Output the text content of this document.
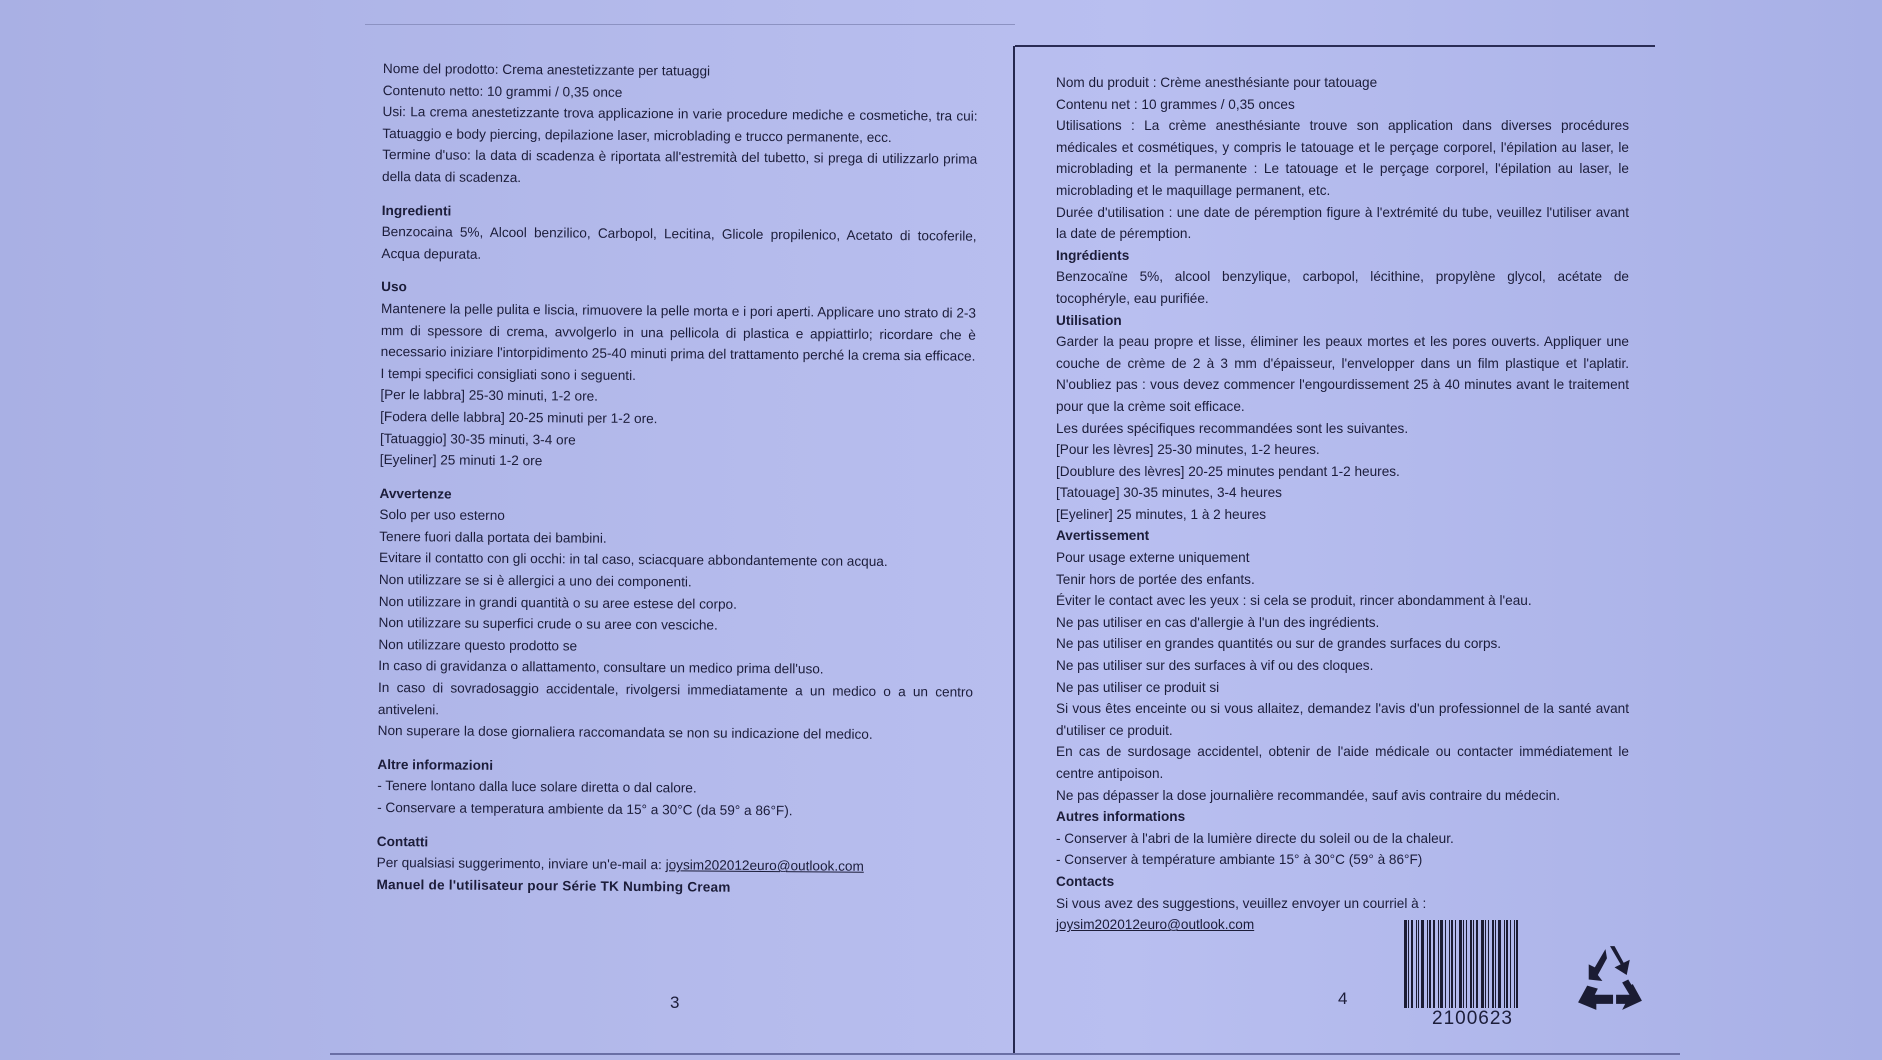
Nome del prodotto: Crema anestetizzante per tatuaggi

Contenuto netto: 10 grammi / 0,35 once

Usi: La crema anestetizzante trova applicazione in varie procedure mediche e cosmetiche, tra cui: Tatuaggio e body piercing, depilazione laser, microblading e trucco permanente, ecc.

Termine d'uso: la data di scadenza è riportata all'estremità del tubetto, si prega di utilizzarlo prima della data di scadenza.

Ingredienti

Benzocaina 5%, Alcool benzilico, Carbopol, Lecitina, Glicole propilenico, Acetato di tocoferile, Acqua depurata.

Uso

Mantenere la pelle pulita e liscia, rimuovere la pelle morta e i pori aperti. Applicare uno strato di 2-3 mm di spessore di crema, avvolgerlo in una pellicola di plastica e appiattirlo; ricordare che è necessario iniziare l'intorpidimento 25-40 minuti prima del trattamento perché la crema sia efficace.

I tempi specifici consigliati sono i seguenti.

[Per le labbra] 25-30 minuti, 1-2 ore.

[Fodera delle labbra] 20-25 minuti per 1-2 ore.

[Tatuaggio] 30-35 minuti, 3-4 ore

[Eyeliner] 25 minuti 1-2 ore

Avvertenze

Solo per uso esterno

Tenere fuori dalla portata dei bambini.

Evitare il contatto con gli occhi: in tal caso, sciacquare abbondantemente con acqua.

Non utilizzare se si è allergici a uno dei componenti.

Non utilizzare in grandi quantità o su aree estese del corpo.

Non utilizzare su superfici crude o su aree con vesciche.

Non utilizzare questo prodotto se

In caso di gravidanza o allattamento, consultare un medico prima dell'uso.

In caso di sovradosaggio accidentale, rivolgersi immediatamente a un medico o a un centro antiveleni.

Non superare la dose giornaliera raccomandata se non su indicazione del medico.

Altre informazioni

- Tenere lontano dalla luce solare diretta o dal calore.

- Conservare a temperatura ambiente da 15° a 30°C (da 59° a 86°F).

Contatti

Per qualsiasi suggerimento, inviare un'e-mail a: joysim202012euro@outlook.com

Manuel de l'utilisateur pour Série TK Numbing Cream

3

Nom du produit : Crème anesthésiante pour tatouage

Contenu net : 10 grammes / 0,35 onces

Utilisations : La crème anesthésiante trouve son application dans diverses procédures médicales et cosmétiques, y compris le tatouage et le perçage corporel, l'épilation au laser, le microblading et la permanente : Le tatouage et le perçage corporel, l'épilation au laser, le microblading et le maquillage permanent, etc.

Durée d'utilisation : une date de péremption figure à l'extrémité du tube, veuillez l'utiliser avant la date de péremption.

Ingrédients

Benzocaïne 5%, alcool benzylique, carbopol, lécithine, propylène glycol, acétate de tocophéryle, eau purifiée.

Utilisation

Garder la peau propre et lisse, éliminer les peaux mortes et les pores ouverts. Appliquer une couche de crème de 2 à 3 mm d'épaisseur, l'envelopper dans un film plastique et l'aplatir. N'oubliez pas : vous devez commencer l'engourdissement 25 à 40 minutes avant le traitement pour que la crème soit efficace.

Les durées spécifiques recommandées sont les suivantes.

[Pour les lèvres] 25-30 minutes, 1-2 heures.

[Doublure des lèvres] 20-25 minutes pendant 1-2 heures.

[Tatouage] 30-35 minutes, 3-4 heures

[Eyeliner] 25 minutes, 1 à 2 heures

Avertissement

Pour usage externe uniquement

Tenir hors de portée des enfants.

Éviter le contact avec les yeux : si cela se produit, rincer abondamment à l'eau.

Ne pas utiliser en cas d'allergie à l'un des ingrédients.

Ne pas utiliser en grandes quantités ou sur de grandes surfaces du corps.

Ne pas utiliser sur des surfaces à vif ou des cloques.

Ne pas utiliser ce produit si

Si vous êtes enceinte ou si vous allaitez, demandez l'avis d'un professionnel de la santé avant d'utiliser ce produit.

En cas de surdosage accidentel, obtenir de l'aide médicale ou contacter immédiatement le centre antipoison.

Ne pas dépasser la dose journalière recommandée, sauf avis contraire du médecin.

Autres informations

- Conserver à l'abri de la lumière directe du soleil ou de la chaleur.

- Conserver à température ambiante 15° à 30°C (59° à 86°F)

Contacts

Si vous avez des suggestions, veuillez envoyer un courriel à :

joysim202012euro@outlook.com

4
2100623
